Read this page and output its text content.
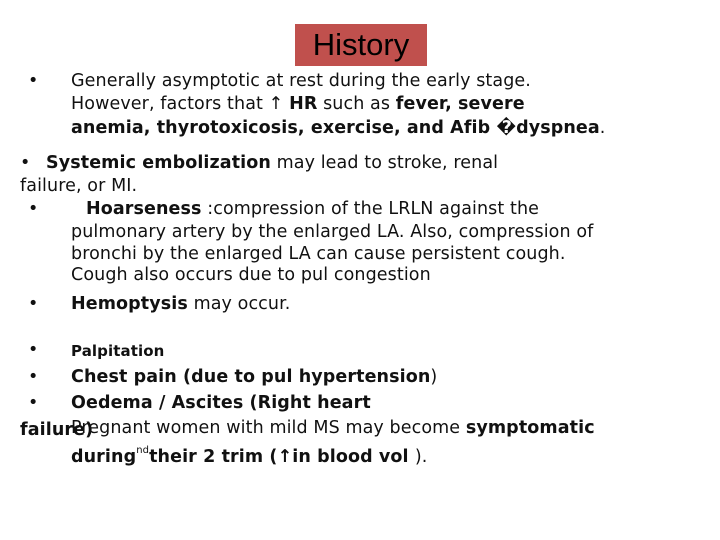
History
• Generally asymptotic at rest during the early stage.
However, factors that ↑ HR such as fever, severe
anemia, thyrotoxicosis, exercise, and Afib �dyspnea.
• Systemic embolization may lead to stroke, renal
failure, or MI.
•	Hoarseness :compression of the LRLN against the
pulmonary artery by the enlarged LA. Also, compression of
bronchi by the enlarged LA can cause persistent cough.
Cough also occurs due to pul congestion
• Hemoptysis may occur.
• Palpitation
• Chest pain (due to pul hypertension)
• Oedema / Ascites (Right heart
failure)
Pregnant women with mild MS may become symptomatic
during$^{nd}$their 2 trim (↑in blood vol ).
